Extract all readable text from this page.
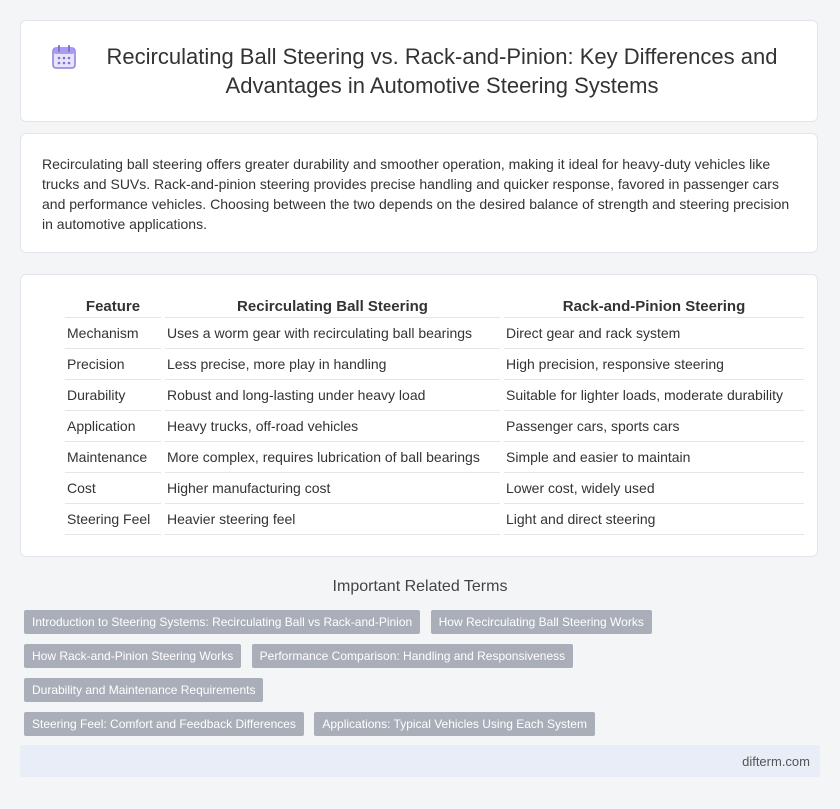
Recirculating Ball Steering vs. Rack-and-Pinion: Key Differences and Advantages in Automotive Steering Systems

Recirculating ball steering offers greater durability and smoother operation, making it ideal for heavy-duty vehicles like trucks and SUVs. Rack-and-pinion steering provides precise handling and quicker response, favored in passenger cars and performance vehicles. Choosing between the two depends on the desired balance of strength and steering precision in automotive applications.

Feature	Recirculating Ball Steering	Rack-and-Pinion Steering
Mechanism	Uses a worm gear with recirculating ball bearings	Direct gear and rack system
Precision	Less precise, more play in handling	High precision, responsive steering
Durability	Robust and long-lasting under heavy load	Suitable for lighter loads, moderate durability
Application	Heavy trucks, off-road vehicles	Passenger cars, sports cars
Maintenance	More complex, requires lubrication of ball bearings	Simple and easier to maintain
Cost	Higher manufacturing cost	Lower cost, widely used
Steering Feel	Heavier steering feel	Light and direct steering
Important Related Terms
Introduction to Steering Systems: Recirculating Ball vs Rack-and-Pinion How Recirculating Ball Steering Works
How Rack-and-Pinion Steering Works Performance Comparison: Handling and Responsiveness Durability and Maintenance Requirements
Steering Feel: Comfort and Feedback Differences Applications: Typical Vehicles Using Each System

difterm.com
